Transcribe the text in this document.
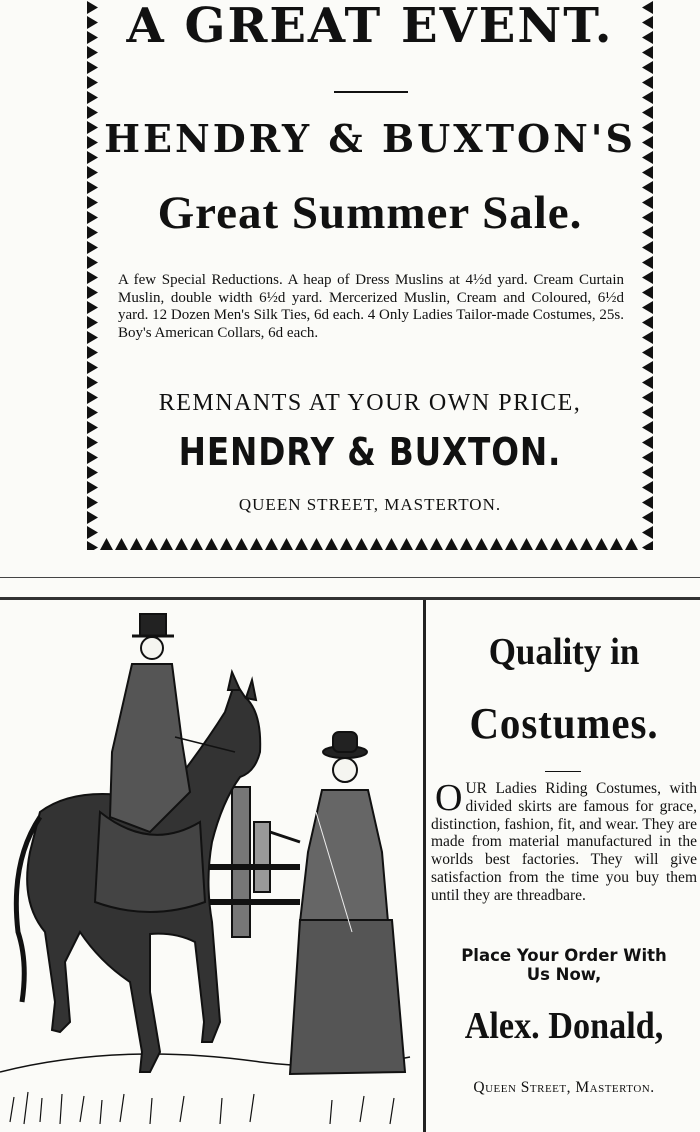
A GREAT EVENT.
HENDRY & BUXTON'S
Great Summer Sale.
A few Special Reductions. A heap of Dress Muslins at 4½d yard. Cream Curtain Muslin, double width 6½d yard. Mercerized Muslin, Cream and Coloured, 6½d yard. 12 Dozen Men's Silk Ties, 6d each. 4 Only Ladies Tailor-made Costumes, 25s. Boy's American Collars, 6d each.
REMNANTS AT YOUR OWN PRICE,
HENDRY & BUXTON.
QUEEN STREET, MASTERTON.
Quality in
Costumes.
OUR Ladies Riding Costumes, with divided skirts are famous for grace, distinction, fashion, fit, and wear. They are made from material manufactured in the worlds best factories. They will give satisfaction from the time you buy them until they are threadbare.
Place Your Order With
Us Now,
Alex. Donald,
Queen Street, Masterton.
